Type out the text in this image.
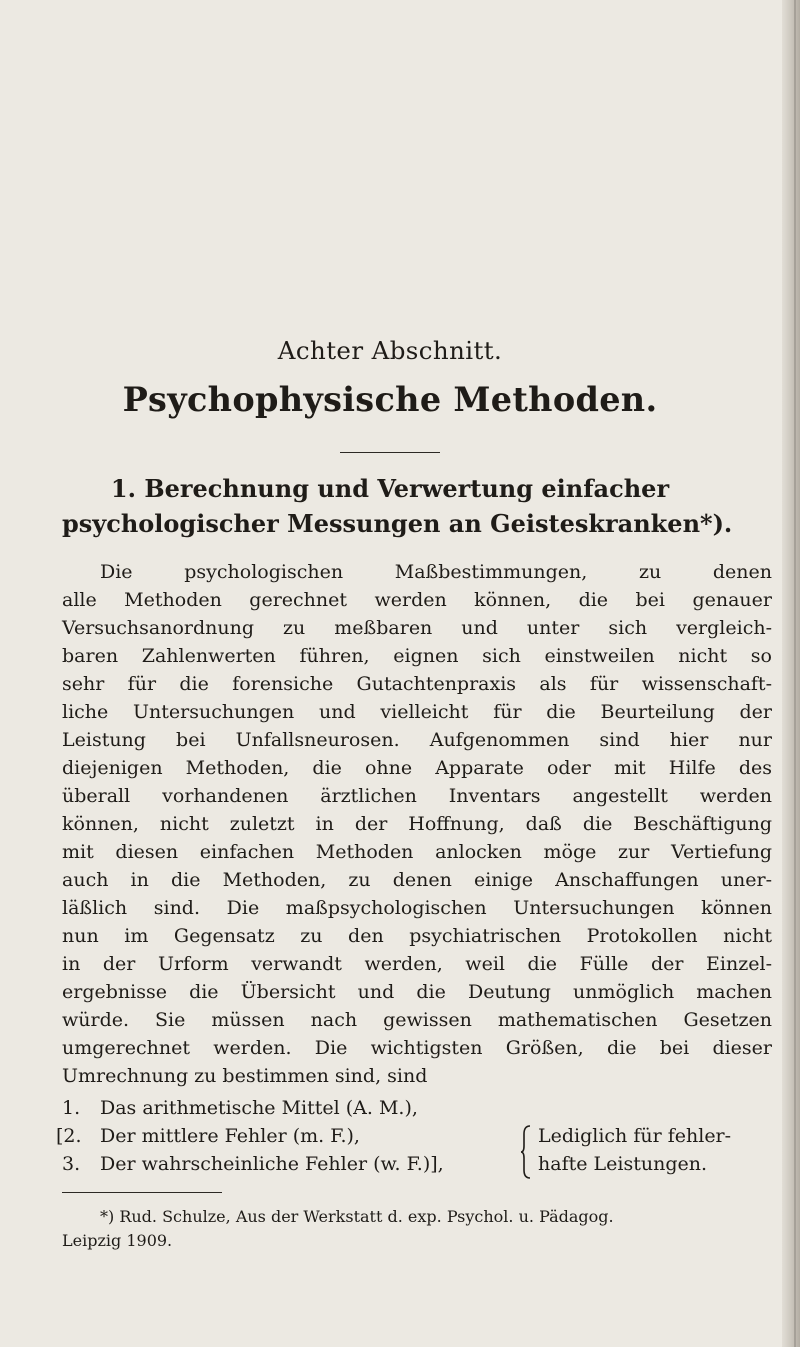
Achter Abschnitt.
Psychophysische Methoden.
1. Berechnung und Verwertung einfacher
psychologischer Messungen an Geisteskranken*).
Die psychologischen Maßbestimmungen, zu denen
alle Methoden gerechnet werden können, die bei genauer
Versuchsanordnung zu meßbaren und unter sich vergleich-
baren Zahlenwerten führen, eignen sich einstweilen nicht so
sehr für die forensiche Gutachtenpraxis als für wissenschaft-
liche Untersuchungen und vielleicht für die Beurteilung der
Leistung bei Unfallsneurosen. Aufgenommen sind hier nur
diejenigen Methoden, die ohne Apparate oder mit Hilfe des
überall vorhandenen ärztlichen Inventars angestellt werden
können, nicht zuletzt in der Hoffnung, daß die Beschäftigung
mit diesen einfachen Methoden anlocken möge zur Vertiefung
auch in die Methoden, zu denen einige Anschaffungen uner-
läßlich sind. Die maßpsychologischen Untersuchungen können
nun im Gegensatz zu den psychiatrischen Protokollen nicht
in der Urform verwandt werden, weil die Fülle der Einzel-
ergebnisse die Übersicht und die Deutung unmöglich machen
würde. Sie müssen nach gewissen mathematischen Gesetzen
umgerechnet werden. Die wichtigsten Größen, die bei dieser
Umrechnung zu bestimmen sind, sind
1. Das arithmetische Mittel (A. M.),
[2. Der mittlere Fehler (m. F.),
3. Der wahrscheinliche Fehler (w. F.)],
Lediglich für fehler-
hafte Leistungen.
*) Rud. Schulze, Aus der Werkstatt d. exp. Psychol. u. Pädagog.
Leipzig 1909.
